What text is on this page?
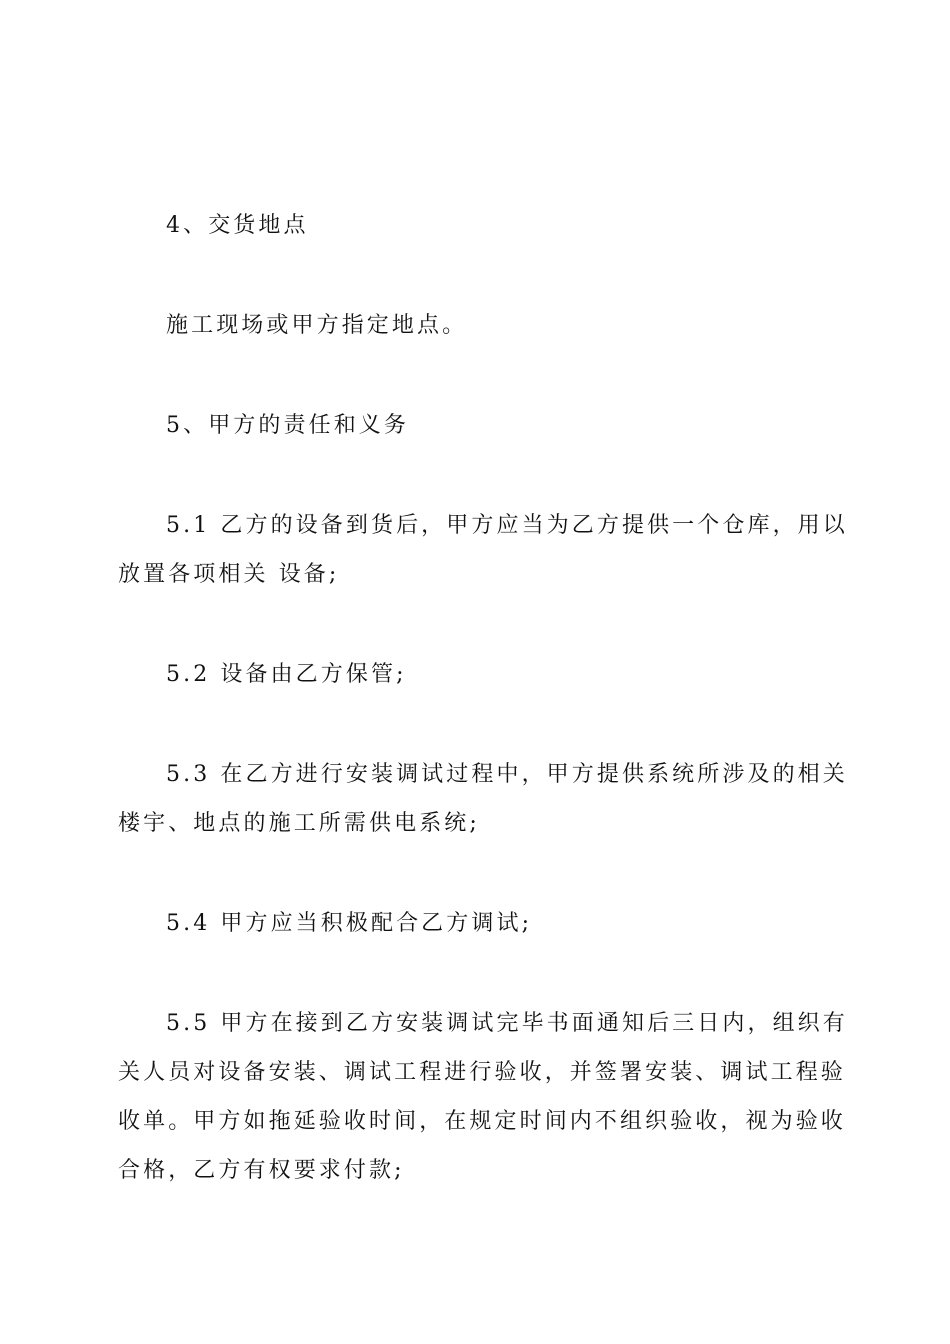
4、交货地点

施工现场或甲方指定地点。

5、甲方的责任和义务

5.1 乙方的设备到货后，甲方应当为乙方提供一个仓库，用以
放置各项相关 设备;

5.2 设备由乙方保管;

5.3 在乙方进行安装调试过程中，甲方提供系统所涉及的相关
楼宇、地点的施工所需供电系统;

5.4 甲方应当积极配合乙方调试;

5.5 甲方在接到乙方安装调试完毕书面通知后三日内，组织有
关人员对设备安装、调试工程进行验收，并签署安装、调试工程验
收单。甲方如拖延验收时间，在规定时间内不组织验收，视为验收
合格，乙方有权要求付款;
